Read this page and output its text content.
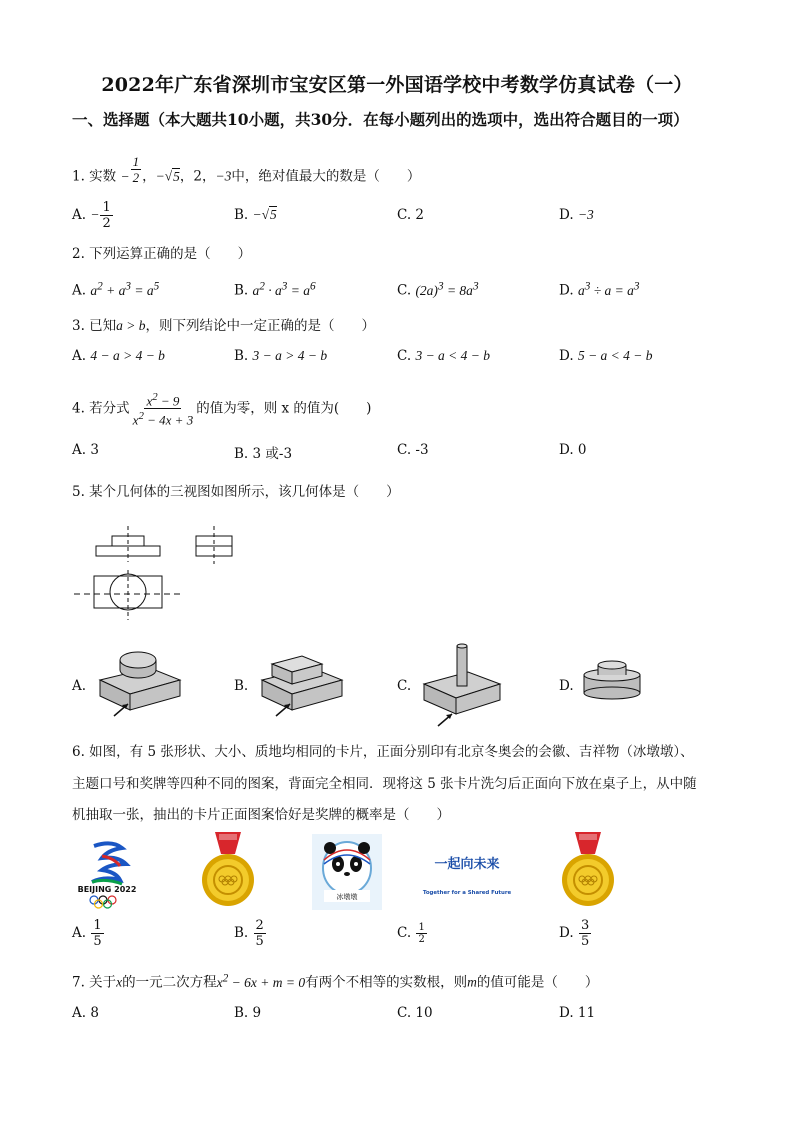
2022年广东省深圳市宝安区第一外国语学校中考数学仿真试卷（一）
一、选择题（本大题共10小题，共30分．在每小题列出的选项中，选出符合题目的一项）
1. 实数 − $\frac{1}{2}$ ，−√5，2，−3中，绝对值最大的数是（　　）
A. − $\frac{1}{2}$	B. −√5	C. 2	D. −3
2. 下列运算正确的是（　　）
A. $a^2 + a^3 = a^5$	B. $a^2 \cdot a^3 = a^6$	C. $(2a)^3 = 8a^3$	D. $a^3 \div a = a^3$
3. 已知a > b，则下列结论中一定正确的是（　　）
A. 4 − a > 4 − b	B. 3 − a > 4 − b	C. 3 − a < 4 − b	D. 5 − a < 4 − b
4. 若分式 $\frac{x^2 - 9}{x^2 - 4x + 3}$ 的值为零，则 x 的值为(　　)
A. 3	B. 3 或-3	C. -3	D. 0
5. 某个几何体的三视图如图所示，该几何体是（　　）
A.	B.	C.	D.
6. 如图，有 5 张形状、大小、质地均相同的卡片，正面分别印有北京冬奥会的会徽、吉祥物（冰墩墩）、
主题口号和奖牌等四种不同的图案，背面完全相同．现将这 5 张卡片洗匀后正面向下放在桌子上，从中随
机抽取一张，抽出的卡片正面图案恰好是奖牌的概率是（　　）
BEIJING 2022
冰墩墩
一起向未来
Together for a Shared Future
A. $\frac{1}{5}$	B. $\frac{2}{5}$	C. $\frac{1}{2}$	D. $\frac{3}{5}$
7. 关于x的一元二次方程$x^2 - 6x + m = 0$有两个不相等的实数根，则m的值可能是（　　）
A. 8	B. 9	C. 10	D. 11
